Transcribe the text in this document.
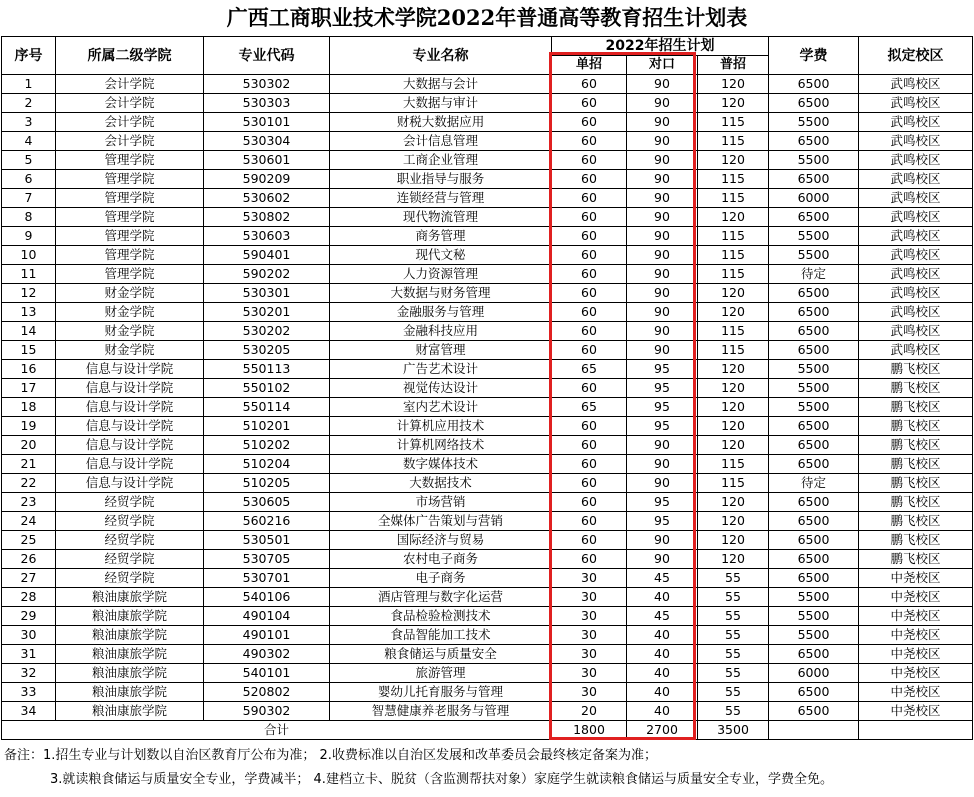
广西工商职业技术学院2022年普通高等教育招生计划表
序号	所属二级学院	专业代码	专业名称	2022年招生计划			学费	拟定校区
				单招	对口	普招		
1	会计学院	530302	大数据与会计	60	90	120	6500	武鸣校区
2	会计学院	530303	大数据与审计	60	90	120	6500	武鸣校区
3	会计学院	530101	财税大数据应用	60	90	115	5500	武鸣校区
4	会计学院	530304	会计信息管理	60	90	115	6500	武鸣校区
5	管理学院	530601	工商企业管理	60	90	120	5500	武鸣校区
6	管理学院	590209	职业指导与服务	60	90	115	6500	武鸣校区
7	管理学院	530602	连锁经营与管理	60	90	115	6000	武鸣校区
8	管理学院	530802	现代物流管理	60	90	120	6500	武鸣校区
9	管理学院	530603	商务管理	60	90	115	5500	武鸣校区
10	管理学院	590401	现代文秘	60	90	115	5500	武鸣校区
11	管理学院	590202	人力资源管理	60	90	115	待定	武鸣校区
12	财金学院	530301	大数据与财务管理	60	90	120	6500	武鸣校区
13	财金学院	530201	金融服务与管理	60	90	120	6500	武鸣校区
14	财金学院	530202	金融科技应用	60	90	115	6500	武鸣校区
15	财金学院	530205	财富管理	60	90	115	6500	武鸣校区
16	信息与设计学院	550113	广告艺术设计	65	95	120	5500	鹏飞校区
17	信息与设计学院	550102	视觉传达设计	60	95	120	5500	鹏飞校区
18	信息与设计学院	550114	室内艺术设计	65	95	120	5500	鹏飞校区
19	信息与设计学院	510201	计算机应用技术	60	95	120	6500	鹏飞校区
20	信息与设计学院	510202	计算机网络技术	60	90	120	6500	鹏飞校区
21	信息与设计学院	510204	数字媒体技术	60	90	115	6500	鹏飞校区
22	信息与设计学院	510205	大数据技术	60	90	115	待定	鹏飞校区
23	经贸学院	530605	市场营销	60	95	120	6500	鹏飞校区
24	经贸学院	560216	全媒体广告策划与营销	60	95	120	6500	鹏飞校区
25	经贸学院	530501	国际经济与贸易	60	90	120	6500	鹏飞校区
26	经贸学院	530705	农村电子商务	60	90	120	6500	鹏飞校区
27	经贸学院	530701	电子商务	30	45	55	6500	中尧校区
28	粮油康旅学院	540106	酒店管理与数字化运营	30	40	55	5500	中尧校区
29	粮油康旅学院	490104	食品检验检测技术	30	45	55	5500	中尧校区
30	粮油康旅学院	490101	食品智能加工技术	30	40	55	5500	中尧校区
31	粮油康旅学院	490302	粮食储运与质量安全	30	40	55	6500	中尧校区
32	粮油康旅学院	540101	旅游管理	30	40	55	6000	中尧校区
33	粮油康旅学院	520802	婴幼儿托育服务与管理	30	40	55	6500	中尧校区
34	粮油康旅学院	590302	智慧健康养老服务与管理	20	40	55	6500	中尧校区
合计				1800	2700	3500		
备注：1.招生专业与计划数以自治区教育厅公布为准； 2.收费标准以自治区发展和改革委员会最终核定备案为准；
3.就读粮食储运与质量安全专业，学费减半； 4.建档立卡、脱贫（含监测帮扶对象）家庭学生就读粮食储运与质量安全专业，学费全免。
